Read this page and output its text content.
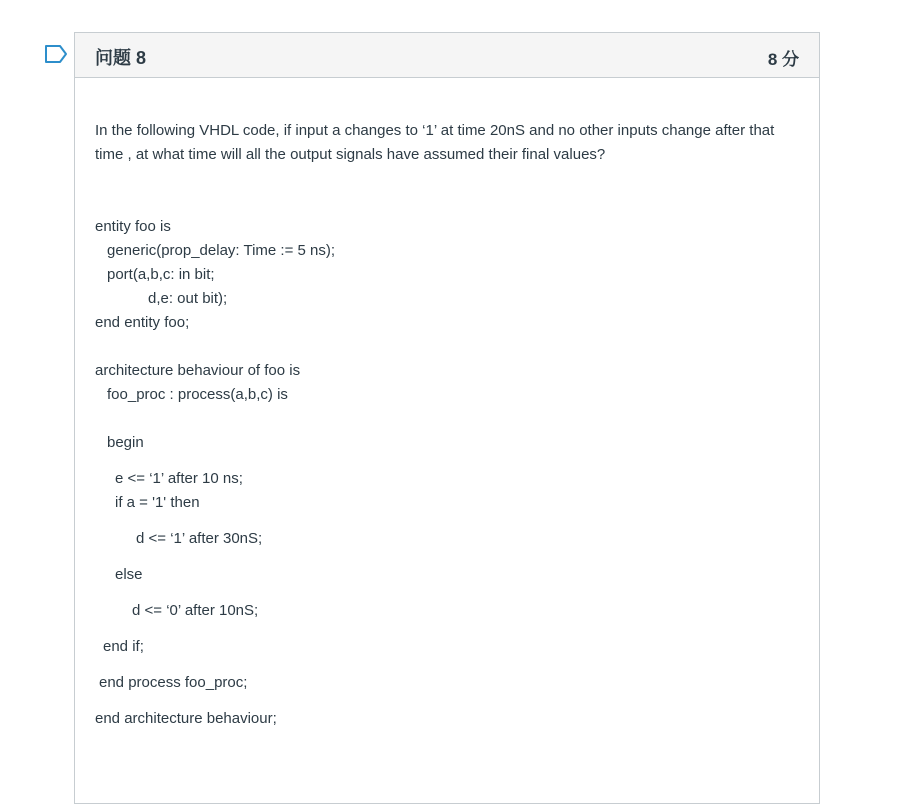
问题 8	8 分

In the following VHDL code, if input a changes to ‘1’ at time 20nS and no other inputs change after that time , at what time will all the output signals have assumed their final values?

entity foo is
generic(prop_delay: Time := 5 ns);
port(a,b,c: in bit;
d,e: out bit);
end entity foo;
architecture behaviour of foo is
foo_proc : process(a,b,c) is
begin
e <= ‘1’ after 10 ns;
if a = '1' then
d <= ‘1’ after 30nS;
else
d <= ‘0’ after 10nS;
end if;
end process foo_proc;
end architecture behaviour;
